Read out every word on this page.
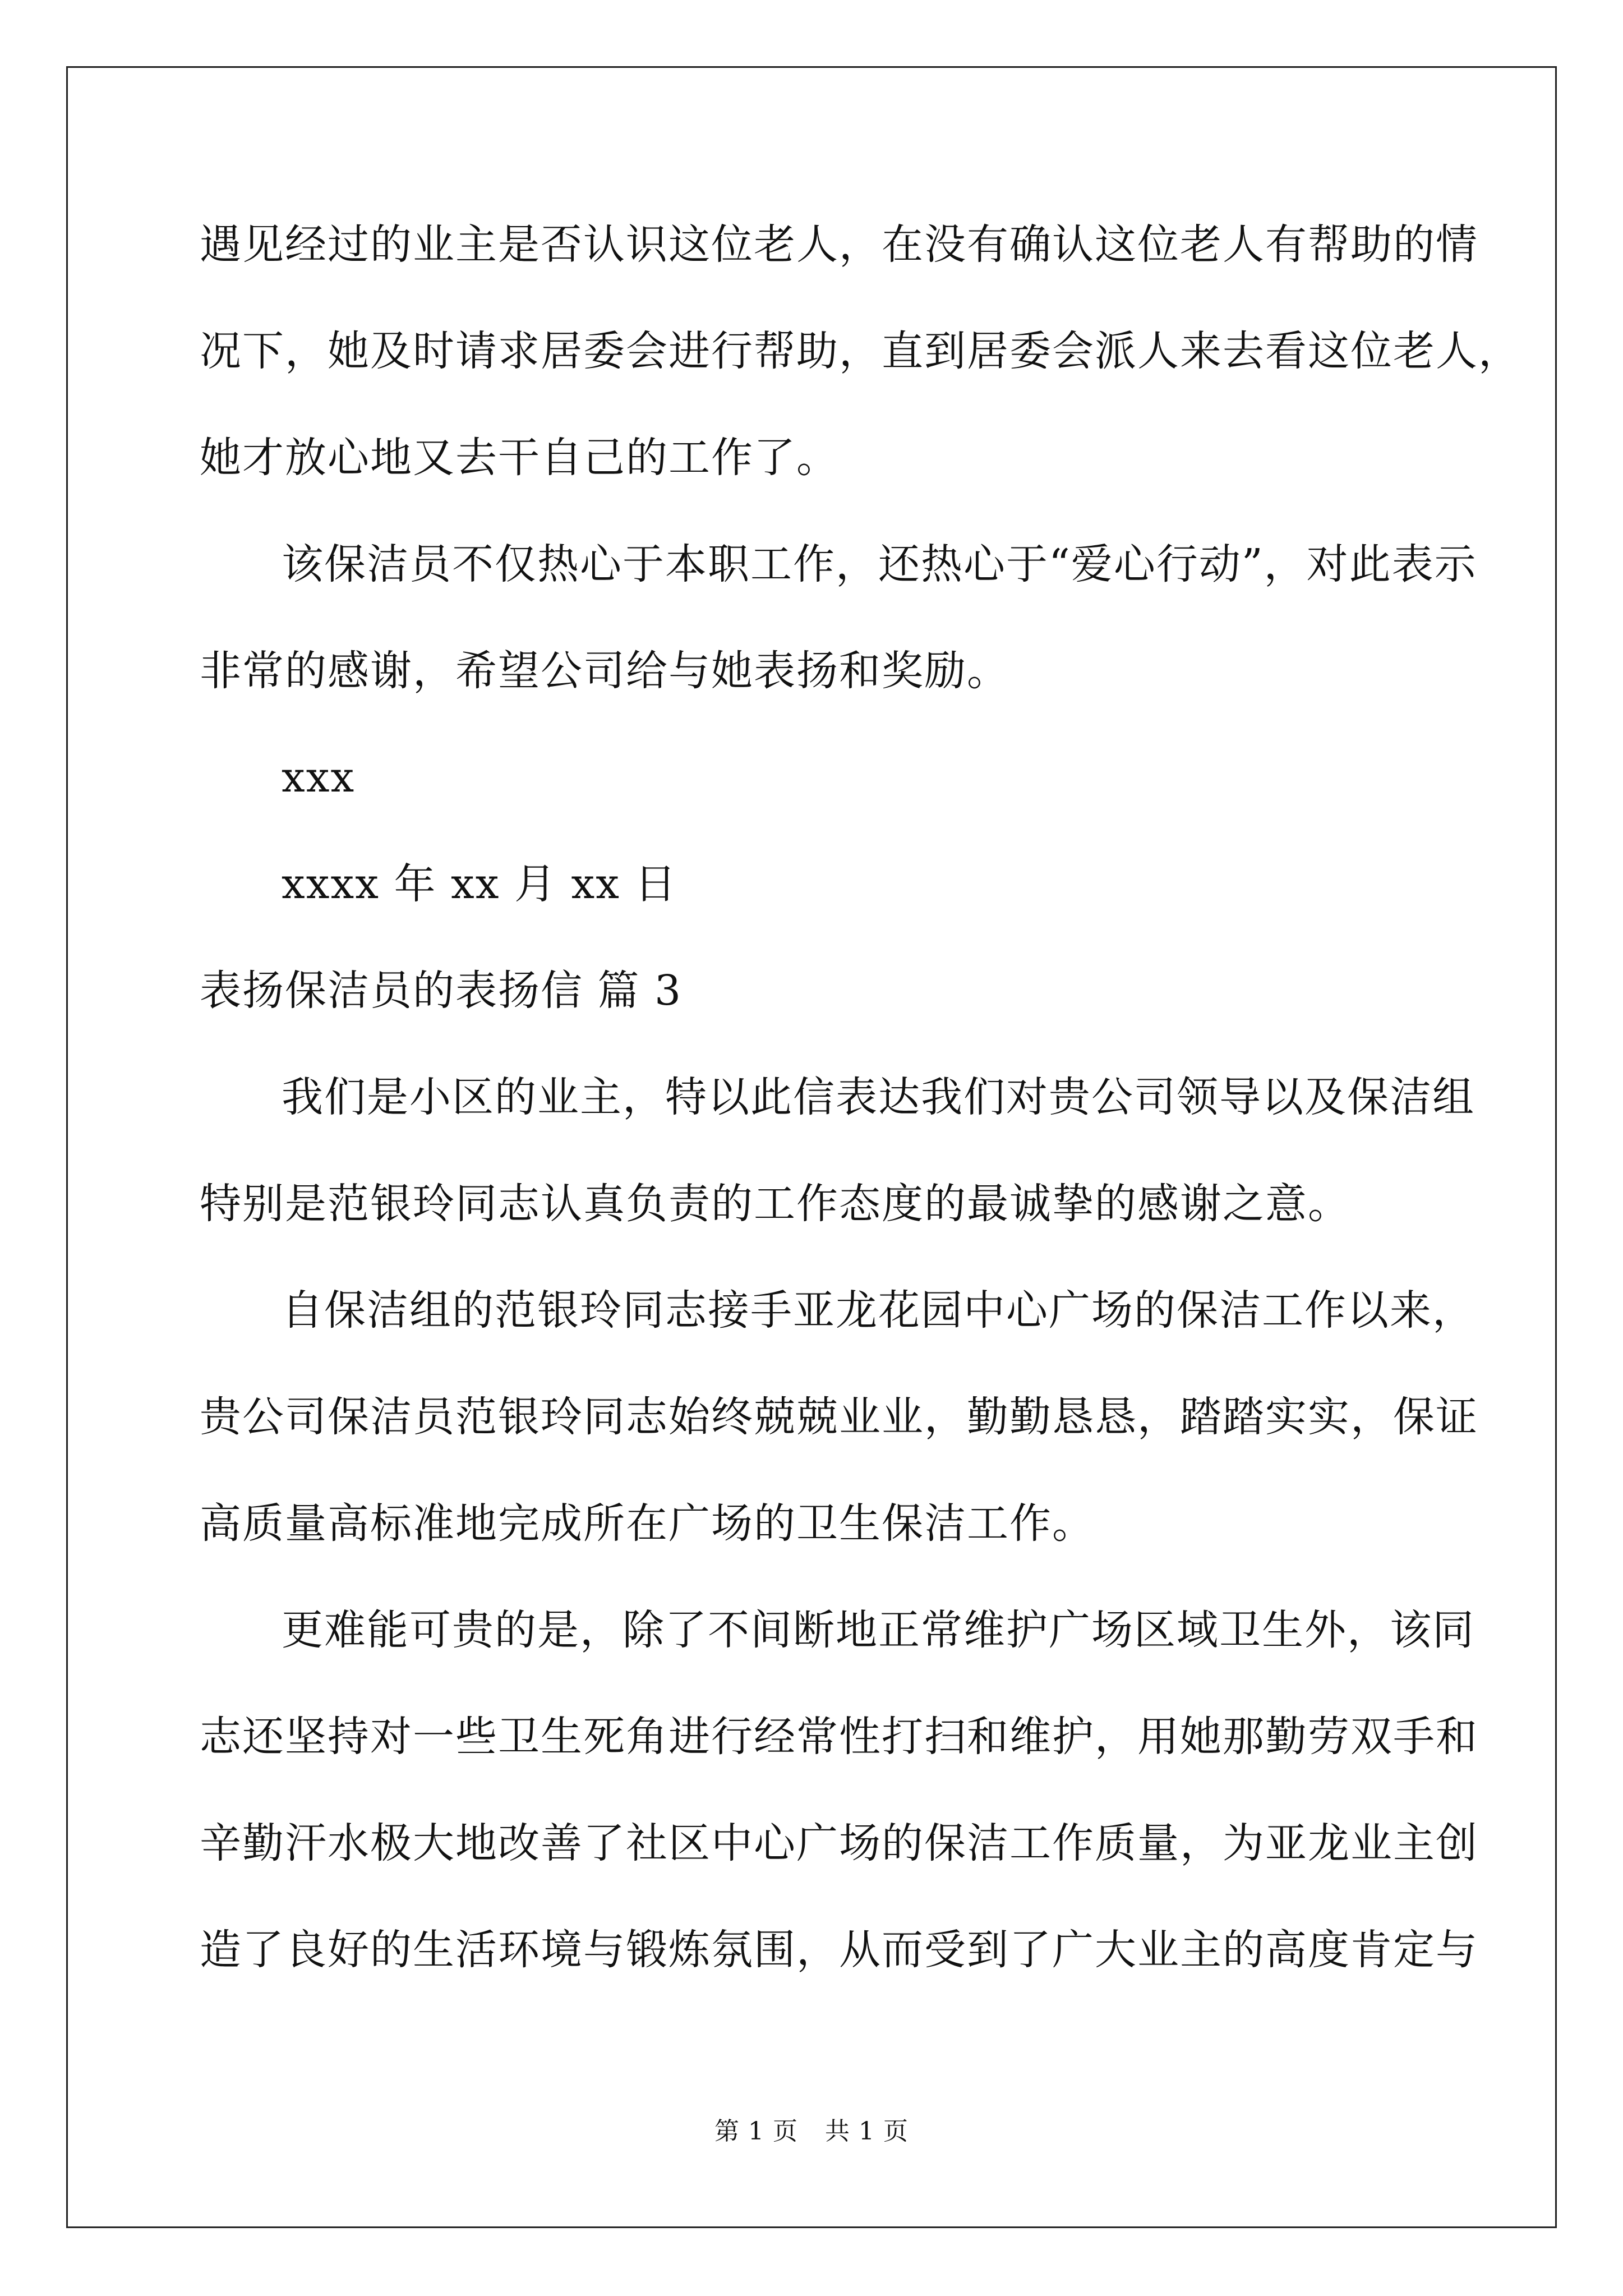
遇见经过的业主是否认识这位老人，在没有确认这位老人有帮助的情
况下，她及时请求居委会进行帮助，直到居委会派人来去看这位老人，
她才放心地又去干自己的工作了。
该保洁员不仅热心于本职工作，还热心于“爱心行动”，对此表示
非常的感谢，希望公司给与她表扬和奖励。
xxx
xxxx 年 xx 月 xx 日
表扬保洁员的表扬信 篇 3
我们是小区的业主，特以此信表达我们对贵公司领导以及保洁组
特别是范银玲同志认真负责的工作态度的最诚挚的感谢之意。
自保洁组的范银玲同志接手亚龙花园中心广场的保洁工作以来，
贵公司保洁员范银玲同志始终兢兢业业，勤勤恳恳，踏踏实实，保证
高质量高标准地完成所在广场的卫生保洁工作。
更难能可贵的是，除了不间断地正常维护广场区域卫生外，该同
志还坚持对一些卫生死角进行经常性打扫和维护，用她那勤劳双手和
辛勤汗水极大地改善了社区中心广场的保洁工作质量，为亚龙业主创
造了良好的生活环境与锻炼氛围，从而受到了广大业主的高度肯定与
第 1 页 共 1 页
